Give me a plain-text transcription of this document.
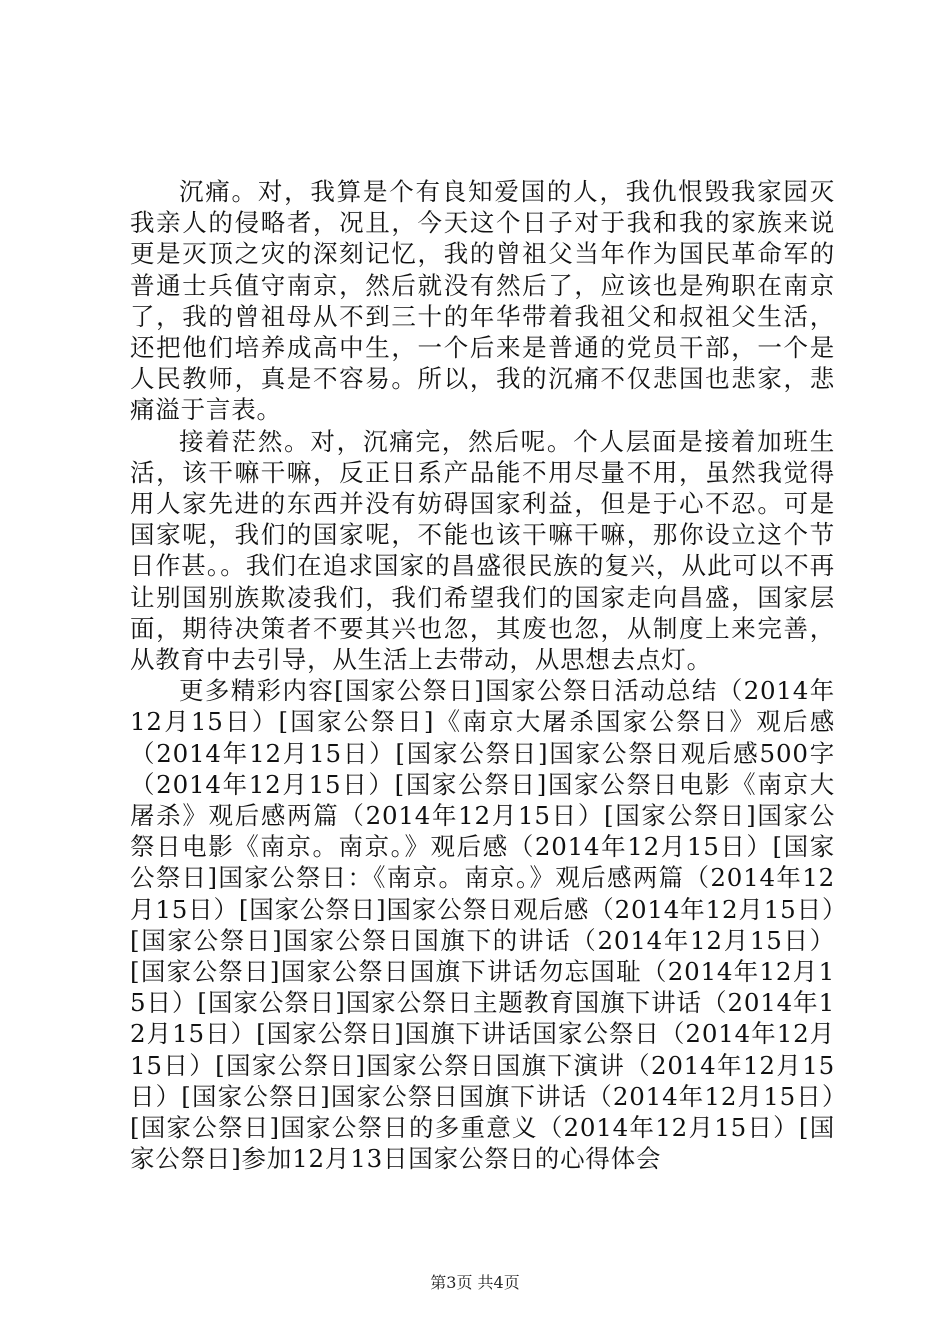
沉痛。对，我算是个有良知爱国的人，我仇恨毁我家园灭我亲人的侵略者，况且，今天这个日子对于我和我的家族来说更是灭顶之灾的深刻记忆，我的曾祖父当年作为国民革命军的普通士兵值守南京，然后就没有然后了，应该也是殉职在南京了，我的曾祖母从不到三十的年华带着我祖父和叔祖父生活，还把他们培养成高中生，一个后来是普通的党员干部，一个是人民教师，真是不容易。所以，我的沉痛不仅悲国也悲家，悲痛溢于言表。

接着茫然。对，沉痛完，然后呢。个人层面是接着加班生活，该干嘛干嘛，反正日系产品能不用尽量不用，虽然我觉得用人家先进的东西并没有妨碍国家利益，但是于心不忍。可是国家呢，我们的国家呢，不能也该干嘛干嘛，那你设立这个节日作甚。。我们在追求国家的昌盛很民族的复兴，从此可以不再让别国别族欺凌我们，我们希望我们的国家走向昌盛，国家层面，期待决策者不要其兴也忽，其废也忽，从制度上来完善，从教育中去引导，从生活上去带动，从思想去点灯。

更多精彩内容[国家公祭日]国家公祭日活动总结（2014年12月15日）[国家公祭日]《南京大屠杀国家公祭日》观后感（2014年12月15日）[国家公祭日]国家公祭日观后感500字（2014年12月15日）[国家公祭日]国家公祭日电影《南京大屠杀》观后感两篇（2014年12月15日）[国家公祭日]国家公祭日电影《南京。南京。》观后感（2014年12月15日）[国家公祭日]国家公祭日：《南京。南京。》观后感两篇（2014年12月15日）[国家公祭日]国家公祭日观后感（2014年12月15日）[国家公祭日]国家公祭日国旗下的讲话（2014年12月15日）[国家公祭日]国家公祭日国旗下讲话勿忘国耻（2014年12月15日）[国家公祭日]国家公祭日主题教育国旗下讲话（2014年12月15日）[国家公祭日]国旗下讲话国家公祭日（2014年12月15日）[国家公祭日]国家公祭日国旗下演讲（2014年12月15日）[国家公祭日]国家公祭日国旗下讲话（2014年12月15日）[国家公祭日]国家公祭日的多重意义（2014年12月15日）[国家公祭日]参加12月13日国家公祭日的心得体会

第3页 共4页
